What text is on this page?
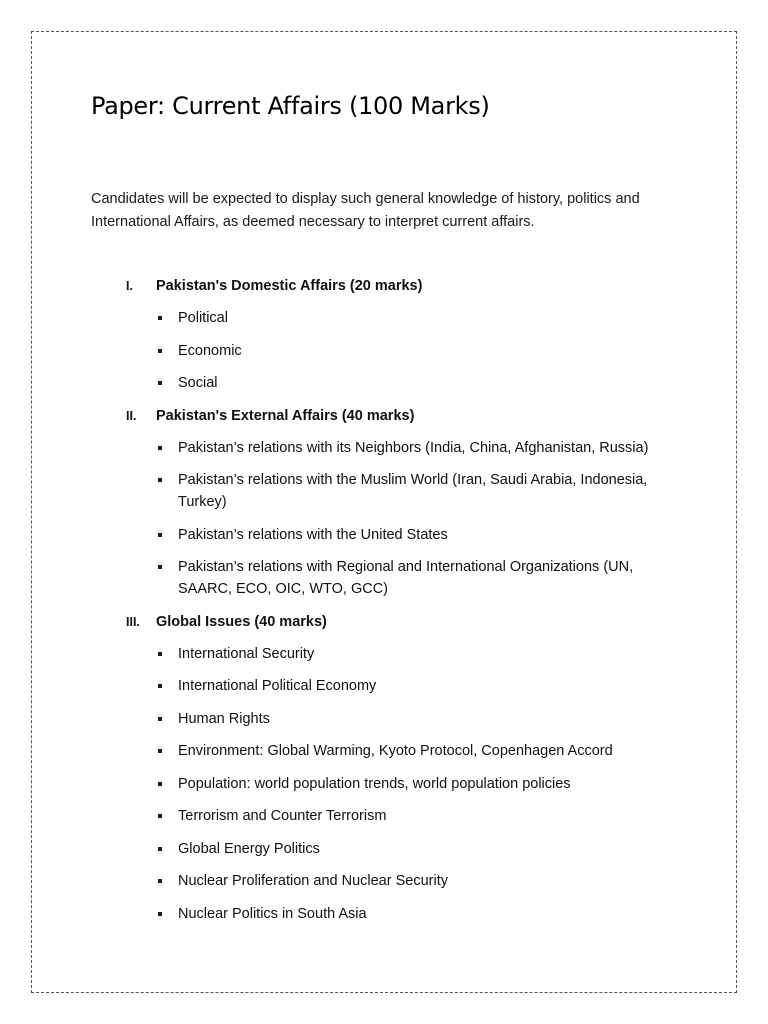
Paper: Current Affairs (100 Marks)

Candidates will be expected to display such general knowledge of history, politics and International Affairs, as deemed necessary to interpret current affairs.

I.	Pakistan's Domestic Affairs (20 marks)
Political
Economic
Social
II.	Pakistan's External Affairs (40 marks)
Pakistan’s relations with its Neighbors (India, China, Afghanistan, Russia)
Pakistan’s relations with the Muslim World (Iran, Saudi Arabia, Indonesia, Turkey)
Pakistan’s relations with the United States
Pakistan’s relations with Regional and International Organizations (UN, SAARC, ECO, OIC, WTO, GCC)
III.	Global Issues (40 marks)
International Security
International Political Economy
Human Rights
Environment: Global Warming, Kyoto Protocol, Copenhagen Accord
Population: world population trends, world population policies
Terrorism and Counter Terrorism
Global Energy Politics
Nuclear Proliferation and Nuclear Security
Nuclear Politics in South Asia
